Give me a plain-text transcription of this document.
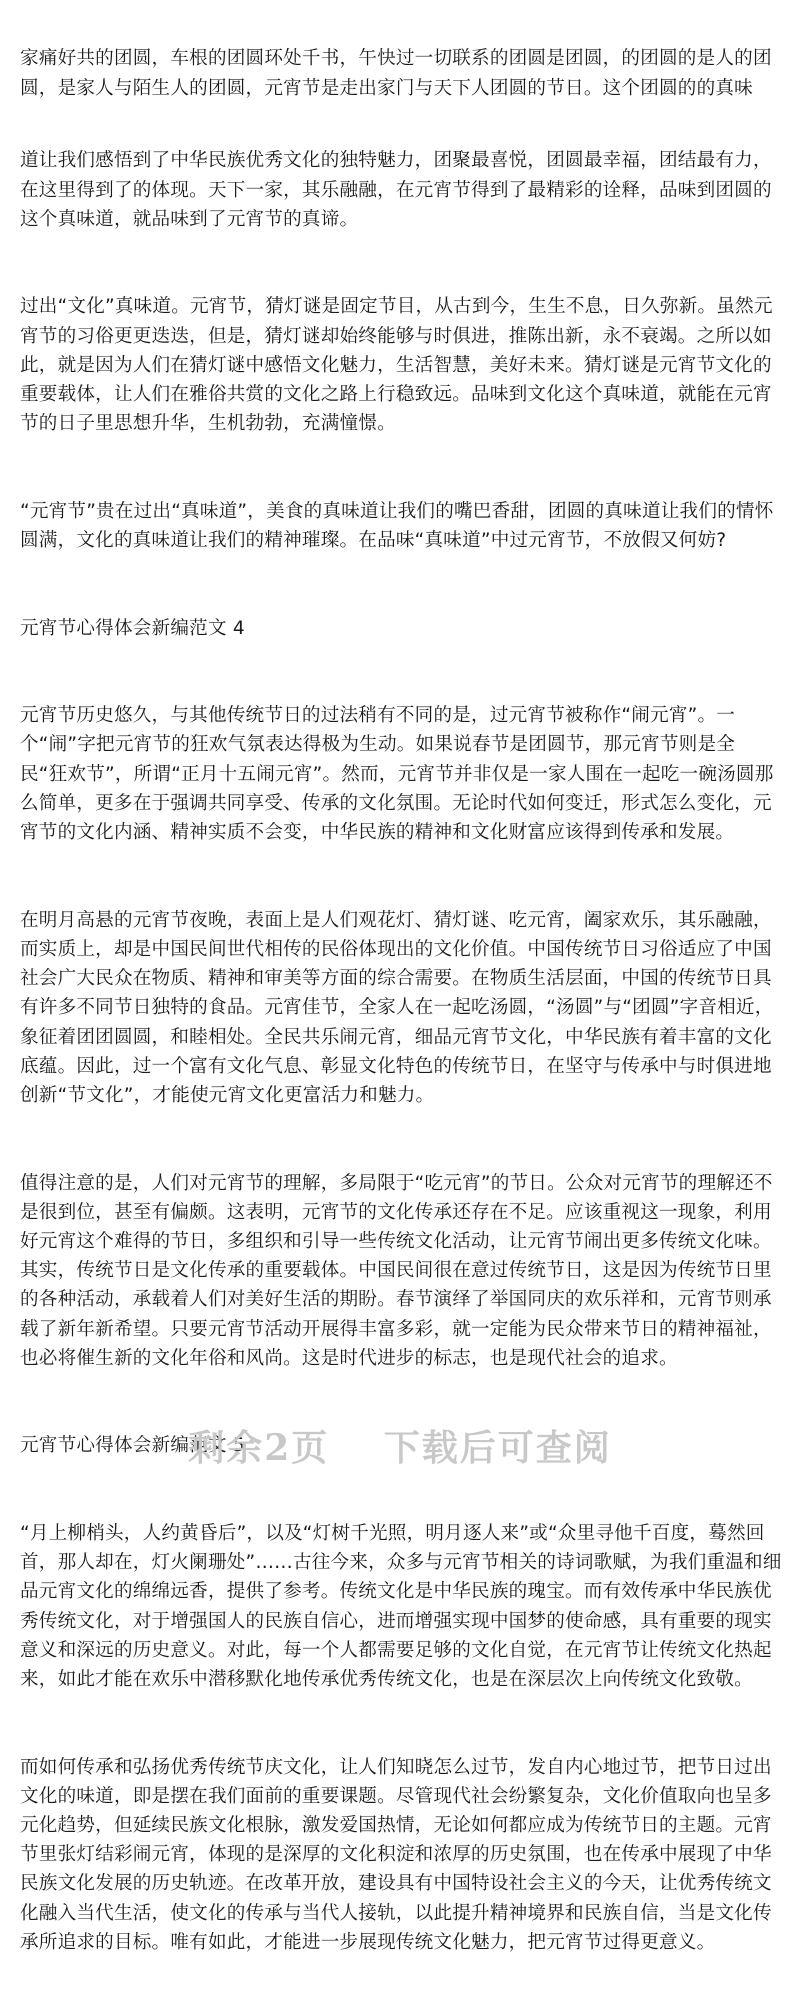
家痛好共的团圆，车根的团圆环处千书，午快过一切联系的团圆是团圆，的团圆的是人的团圆，是家人与陌生人的团圆，元宵节是走出家门与天下人团圆的节日。这个团圆的的真味

道让我们感悟到了中华民族优秀文化的独特魅力，团聚最喜悦，团圆最幸福，团结最有力，在这里得到了的体现。天下一家，其乐融融，在元宵节得到了最精彩的诠释，品味到团圆的这个真味道，就品味到了元宵节的真谛。

过出“文化”真味道。元宵节，猜灯谜是固定节目，从古到今，生生不息，日久弥新。虽然元宵节的习俗更更迭迭，但是，猜灯谜却始终能够与时俱进，推陈出新，永不衰竭。之所以如此，就是因为人们在猜灯谜中感悟文化魅力，生活智慧，美好未来。猜灯谜是元宵节文化的重要载体，让人们在雅俗共赏的文化之路上行稳致远。品味到文化这个真味道，就能在元宵节的日子里思想升华，生机勃勃，充满憧憬。

“元宵节”贵在过出“真味道”，美食的真味道让我们的嘴巴香甜，团圆的真味道让我们的情怀圆满，文化的真味道让我们的精神璀璨。在品味“真味道”中过元宵节，不放假又何妨?

元宵节心得体会新编范文 4

元宵节历史悠久，与其他传统节日的过法稍有不同的是，过元宵节被称作“闹元宵”。一个“闹”字把元宵节的狂欢气氛表达得极为生动。如果说春节是团圆节，那元宵节则是全民“狂欢节”，所谓“正月十五闹元宵”。然而，元宵节并非仅是一家人围在一起吃一碗汤圆那么简单，更多在于强调共同享受、传承的文化氛围。无论时代如何变迁，形式怎么变化，元宵节的文化内涵、精神实质不会变，中华民族的精神和文化财富应该得到传承和发展。

在明月高悬的元宵节夜晚，表面上是人们观花灯、猜灯谜、吃元宵，阖家欢乐，其乐融融，而实质上，却是中国民间世代相传的民俗体现出的文化价值。中国传统节日习俗适应了中国社会广大民众在物质、精神和审美等方面的综合需要。在物质生活层面，中国的传统节日具有许多不同节日独特的食品。元宵佳节，全家人在一起吃汤圆，“汤圆”与“团圆”字音相近，象征着团团圆圆，和睦相处。全民共乐闹元宵，细品元宵节文化，中华民族有着丰富的文化底蕴。因此，过一个富有文化气息、彰显文化特色的传统节日，在坚守与传承中与时俱进地创新“节文化”，才能使元宵文化更富活力和魅力。

值得注意的是，人们对元宵节的理解，多局限于“吃元宵”的节日。公众对元宵节的理解还不是很到位，甚至有偏颇。这表明，元宵节的文化传承还存在不足。应该重视这一现象，利用好元宵这个难得的节日，多组织和引导一些传统文化活动，让元宵节闹出更多传统文化味。其实，传统节日是文化传承的重要载体。中国民间很在意过传统节日，这是因为传统节日里的各种活动，承载着人们对美好生活的期盼。春节演绎了举国同庆的欢乐祥和，元宵节则承载了新年新希望。只要元宵节活动开展得丰富多彩，就一定能为民众带来节日的精神福祉，也必将催生新的文化年俗和风尚。这是时代进步的标志，也是现代社会的追求。

元宵节心得体会新编范文 5

“月上柳梢头，人约黄昏后”，以及“灯树千光照，明月逐人来”或“众里寻他千百度，蓦然回首，那人却在，灯火阑珊处”……古往今来，众多与元宵节相关的诗词歌赋，为我们重温和细品元宵文化的绵绵远香，提供了参考。传统文化是中华民族的瑰宝。而有效传承中华民族优秀传统文化，对于增强国人的民族自信心，进而增强实现中国梦的使命感，具有重要的现实意义和深远的历史意义。对此，每一个人都需要足够的文化自觉，在元宵节让传统文化热起来，如此才能在欢乐中潜移默化地传承优秀传统文化，也是在深层次上向传统文化致敬。

而如何传承和弘扬优秀传统节庆文化，让人们知晓怎么过节，发自内心地过节，把节日过出文化的味道，即是摆在我们面前的重要课题。尽管现代社会纷繁复杂，文化价值取向也呈多元化趋势，但延续民族文化根脉，激发爱国热情，无论如何都应成为传统节日的主题。元宵节里张灯结彩闹元宵，体现的是深厚的文化积淀和浓厚的历史氛围，也在传承中展现了中华民族文化发展的历史轨迹。在改革开放，建设具有中国特设社会主义的今天，让优秀传统文化融入当代生活，使文化的传承与当代人接轨，以此提升精神境界和民族自信，当是文化传承所追求的目标。唯有如此，才能进一步展现传统文化魅力，把元宵节过得更意义。

剩余2页 下载后可查阅
